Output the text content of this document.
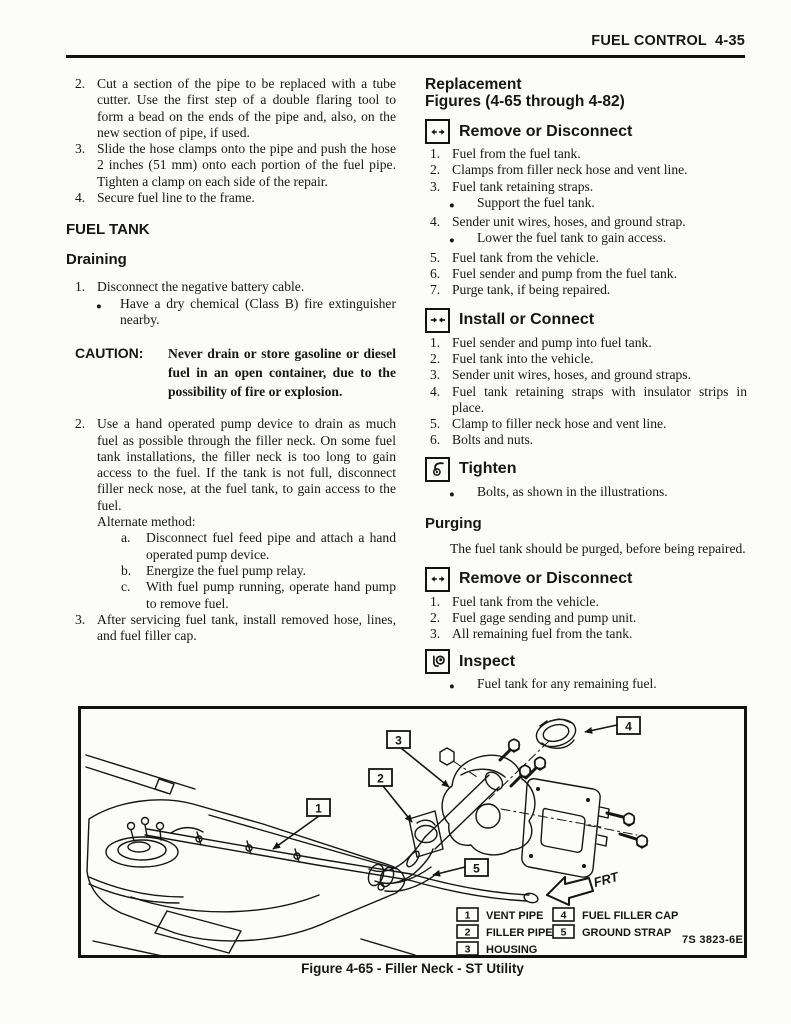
FUEL CONTROL  4-35
2. Cut a section of the pipe to be replaced with a tube cutter. Use the first step of a double flaring tool to form a bead on the ends of the pipe and, also, on the new section of pipe, if used.
3. Slide the hose clamps onto the pipe and push the hose 2 inches (51 mm) onto each portion of the fuel pipe. Tighten a clamp on each side of the repair.
4. Secure fuel line to the frame.
FUEL TANK
Draining
1. Disconnect the negative battery cable.
● Have a dry chemical (Class B) fire extinguisher nearby.
CAUTION:	Never drain or store gasoline or diesel fuel in an open container, due to the possibility of fire or explosion.
2. Use a hand operated pump device to drain as much fuel as possible through the filler neck. On some fuel tank installations, the filler neck is too long to gain access to the fuel. If the tank is not full, disconnect filler neck nose, at the fuel tank, to gain access to the fuel.
Alternate method:
a.	Disconnect fuel feed pipe and attach a hand operated pump device.
b.	Energize the fuel pump relay.
c.	With fuel pump running, operate hand pump to remove fuel.
3. After servicing fuel tank, install removed hose, lines, and fuel filler cap.

Replacement

Figures (4-65 through 4-82)

Remove or Disconnect
1. Fuel from the fuel tank.
2. Clamps from filler neck hose and vent line.
3. Fuel tank retaining straps.
● Support the fuel tank.
4. Sender unit wires, hoses, and ground strap.
● Lower the fuel tank to gain access.
5. Fuel tank from the vehicle.
6. Fuel sender and pump from the fuel tank.
7. Purge tank, if being repaired.
Install or Connect
1. Fuel sender and pump into fuel tank.
2. Fuel tank into the vehicle.
3. Sender unit wires, hoses, and ground straps.
4. Fuel tank retaining straps with insulator strips in place.
5. Clamp to filler neck hose and vent line.
6. Bolts and nuts.
Tighten
● Bolts, as shown in the illustrations.
Purging

The fuel tank should be purged, before being repaired.

Remove or Disconnect
1. Fuel tank from the vehicle.
2. Fuel gage sending and pump unit.
3. All remaining fuel from the tank.
Inspect
● Fuel tank for any remaining fuel.
FRT
1
2
3
4
5
1 VENT PIPE
2 FILLER PIPE
3 HOUSING
4 FUEL FILLER CAP
5 GROUND STRAP
7S 3823-6E
Figure 4-65 - Filler Neck - ST Utility
